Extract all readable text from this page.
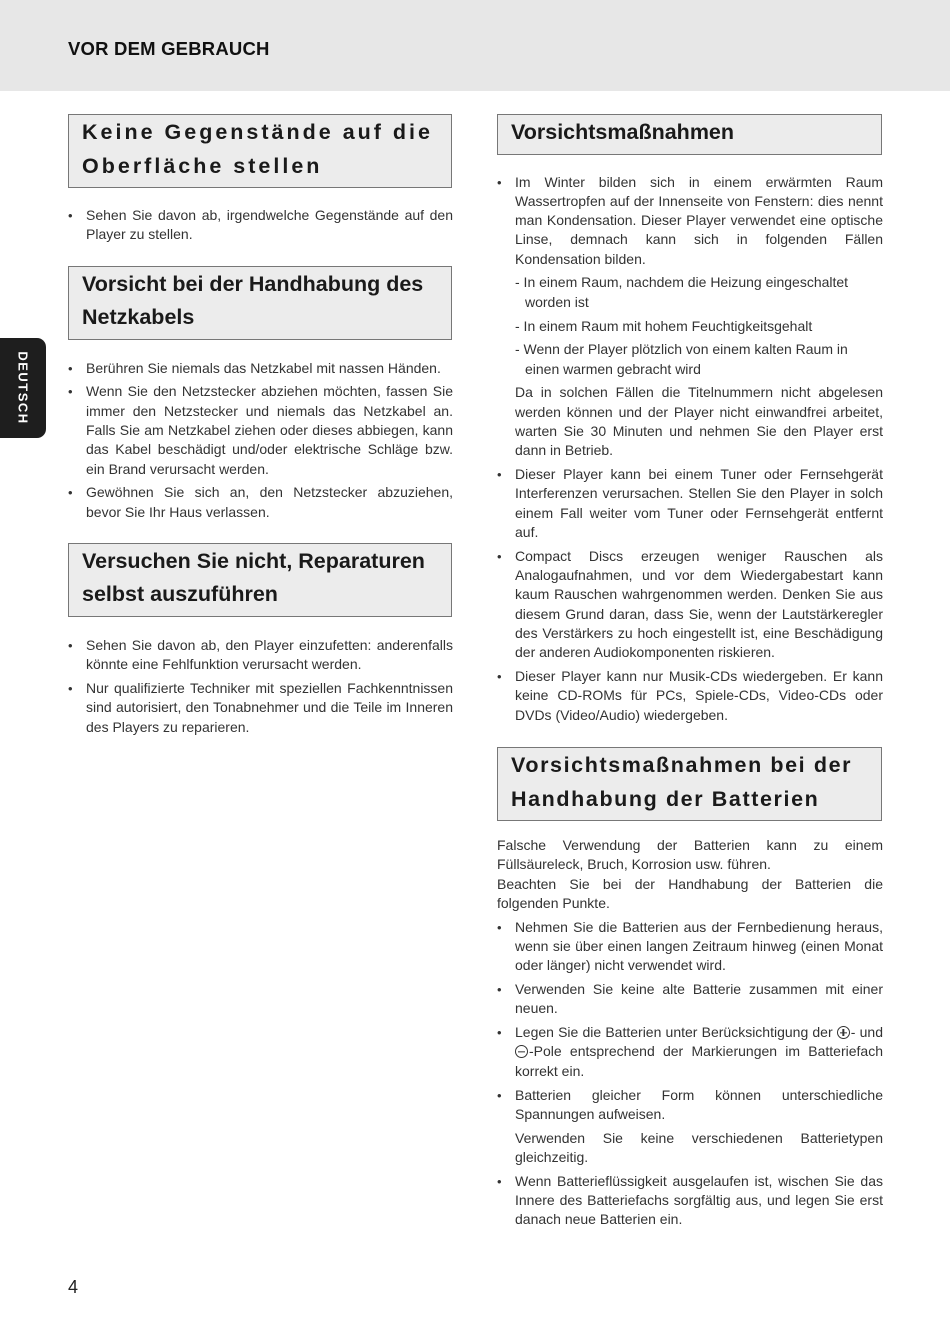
VOR DEM GEBRAUCH
DEUTSCH
Keine Gegenstände auf die Oberfläche stellen
• Sehen Sie davon ab, irgendwelche Gegenstände auf den Player zu stellen.
Vorsicht bei der Handhabung des Netzkabels
• Berühren Sie niemals das Netzkabel mit nassen Händen.
• Wenn Sie den Netzstecker abziehen möchten, fassen Sie immer den Netzstecker und niemals das Netzkabel an. Falls Sie am Netzkabel ziehen oder dieses abbiegen, kann das Kabel beschädigt und/oder elektrische Schläge bzw. ein Brand verursacht werden.
• Gewöhnen Sie sich an, den Netzstecker abzuziehen, bevor Sie Ihr Haus verlassen.
Versuchen Sie nicht, Reparaturen selbst auszuführen
• Sehen Sie davon ab, den Player einzufetten: anderenfalls könnte eine Fehlfunktion verursacht werden.
• Nur qualifizierte Techniker mit speziellen Fachkenntnissen sind autorisiert, den Tonabnehmer und die Teile im Inneren des Players zu reparieren.
Vorsichtsmaßnahmen
• Im Winter bilden sich in einem erwärmten Raum Wassertropfen auf der Innenseite von Fenstern: dies nennt man Kondensation. Dieser Player verwendet eine optische Linse, demnach kann sich in folgenden Fällen Kondensation bilden.
- In einem Raum, nachdem die Heizung eingeschaltet worden ist
- In einem Raum mit hohem Feuchtigkeitsgehalt
- Wenn der Player plötzlich von einem kalten Raum in einen warmen gebracht wird
Da in solchen Fällen die Titelnummern nicht abgelesen werden können und der Player nicht einwandfrei arbeitet, warten Sie 30 Minuten und nehmen Sie den Player erst dann in Betrieb.
• Dieser Player kann bei einem Tuner oder Fernsehgerät Interferenzen verursachen. Stellen Sie den Player in solch einem Fall weiter vom Tuner oder Fernsehgerät entfernt auf.
• Compact Discs erzeugen weniger Rauschen als Analogaufnahmen, und vor dem Wiedergabestart kann kaum Rauschen wahrgenommen werden. Denken Sie aus diesem Grund daran, dass Sie, wenn der Lautstärkeregler des Verstärkers zu hoch eingestellt ist, eine Beschädigung der anderen Audiokomponenten riskieren.
• Dieser Player kann nur Musik-CDs wiedergeben. Er kann keine CD-ROMs für PCs, Spiele-CDs, Video-CDs oder DVDs (Video/Audio) wiedergeben.
Vorsichtsmaßnahmen bei der Handhabung der Batterien
Falsche Verwendung der Batterien kann zu einem Füllsäureleck, Bruch, Korrosion usw. führen.
Beachten Sie bei der Handhabung der Batterien die folgenden Punkte.
• Nehmen Sie die Batterien aus der Fernbedienung heraus, wenn sie über einen langen Zeitraum hinweg (einen Monat oder länger) nicht verwendet wird.
• Verwenden Sie keine alte Batterie zusammen mit einer neuen.
• Legen Sie die Batterien unter Berücksichtigung der - und -Pole entsprechend der Markierungen im Batteriefach korrekt ein.
• Batterien gleicher Form können unterschiedliche Spannungen aufweisen.
Verwenden Sie keine verschiedenen Batterietypen gleichzeitig.
• Wenn Batterieflüssigkeit ausgelaufen ist, wischen Sie das Innere des Batteriefachs sorgfältig aus, und legen Sie erst danach neue Batterien ein.
4
